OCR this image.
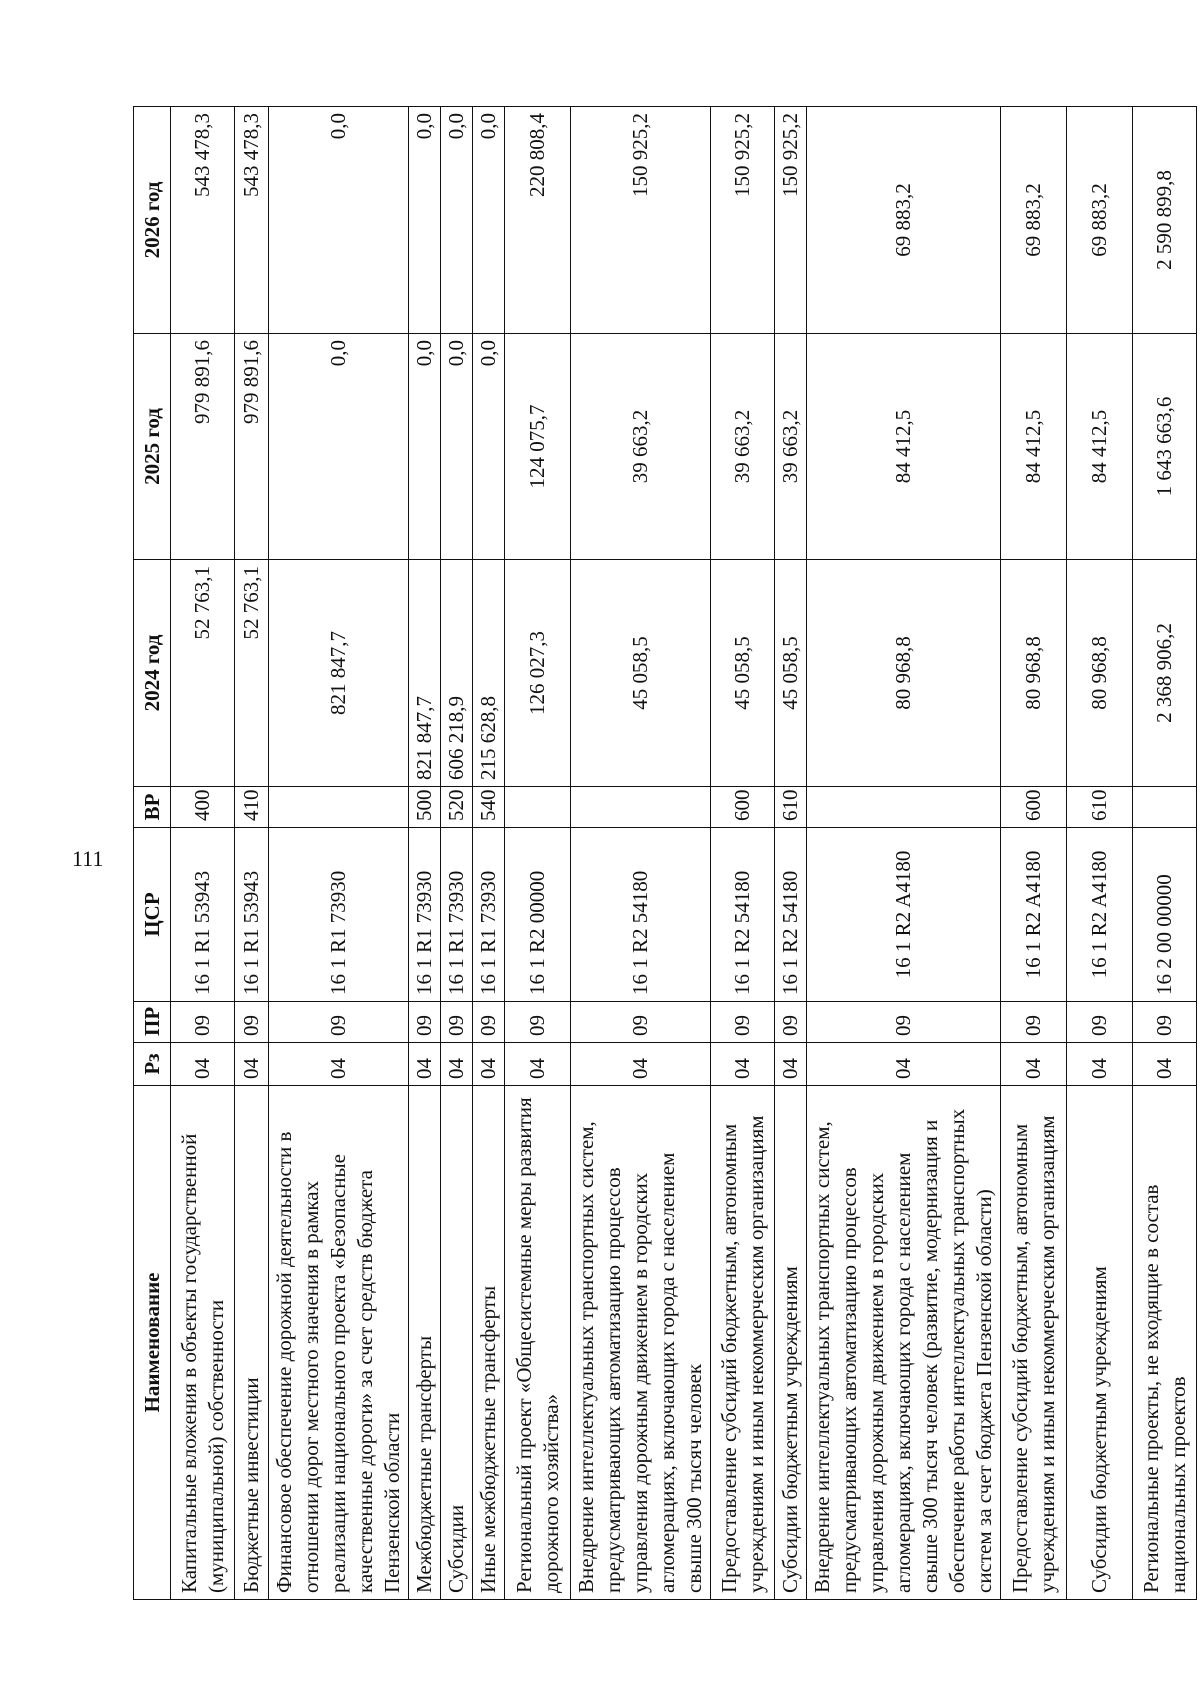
111
Наименование	Рз	ПР	ЦСР	ВР	2024 год	2025 год	2026 год
Капитальные вложения в объекты государственной (муниципальной) собственности	04	09	16 1 R1 53943	400	52 763,1	979 891,6	543 478,3
Бюджетные инвестиции	04	09	16 1 R1 53943	410	52 763,1	979 891,6	543 478,3
Финансовое обеспечение дорожной деятельности в отношении дорог местного значения в рамках реализации национального проекта «Безопасные качественные дороги» за счет средств бюджета Пензенской области	04	09	16 1 R1 73930		821 847,7	0,0	0,0
Межбюджетные трансферты	04	09	16 1 R1 73930	500	821 847,7	0,0	0,0
Субсидии	04	09	16 1 R1 73930	520	606 218,9	0,0	0,0
Иные межбюджетные трансферты	04	09	16 1 R1 73930	540	215 628,8	0,0	0,0
Региональный проект «Общесистемные меры развития дорожного хозяйства»	04	09	16 1 R2 00000		126 027,3	124 075,7	220 808,4
Внедрение интеллектуальных транспортных систем, предусматривающих автоматизацию процессов управления дорожным движением в городских агломерациях, включающих города с населением свыше 300 тысяч человек	04	09	16 1 R2 54180		45 058,5	39 663,2	150 925,2
Предоставление субсидий бюджетным, автономным учреждениям и иным некоммерческим организациям	04	09	16 1 R2 54180	600	45 058,5	39 663,2	150 925,2
Субсидии бюджетным учреждениям	04	09	16 1 R2 54180	610	45 058,5	39 663,2	150 925,2
Внедрение интеллектуальных транспортных систем, предусматривающих автоматизацию процессов управления дорожным движением в городских агломерациях, включающих города с населением свыше 300 тысяч человек (развитие, модернизация и обеспечение работы интеллектуальных транспортных систем за счет бюджета Пензенской области)	04	09	16 1 R2 A4180		80 968,8	84 412,5	69 883,2
Предоставление субсидий бюджетным, автономным учреждениям и иным некоммерческим организациям	04	09	16 1 R2 A4180	600	80 968,8	84 412,5	69 883,2
Субсидии бюджетным учреждениям	04	09	16 1 R2 A4180	610	80 968,8	84 412,5	69 883,2
Региональные проекты, не входящие в состав национальных проектов	04	09	16 2 00 00000		2 368 906,2	1 643 663,6	2 590 899,8
